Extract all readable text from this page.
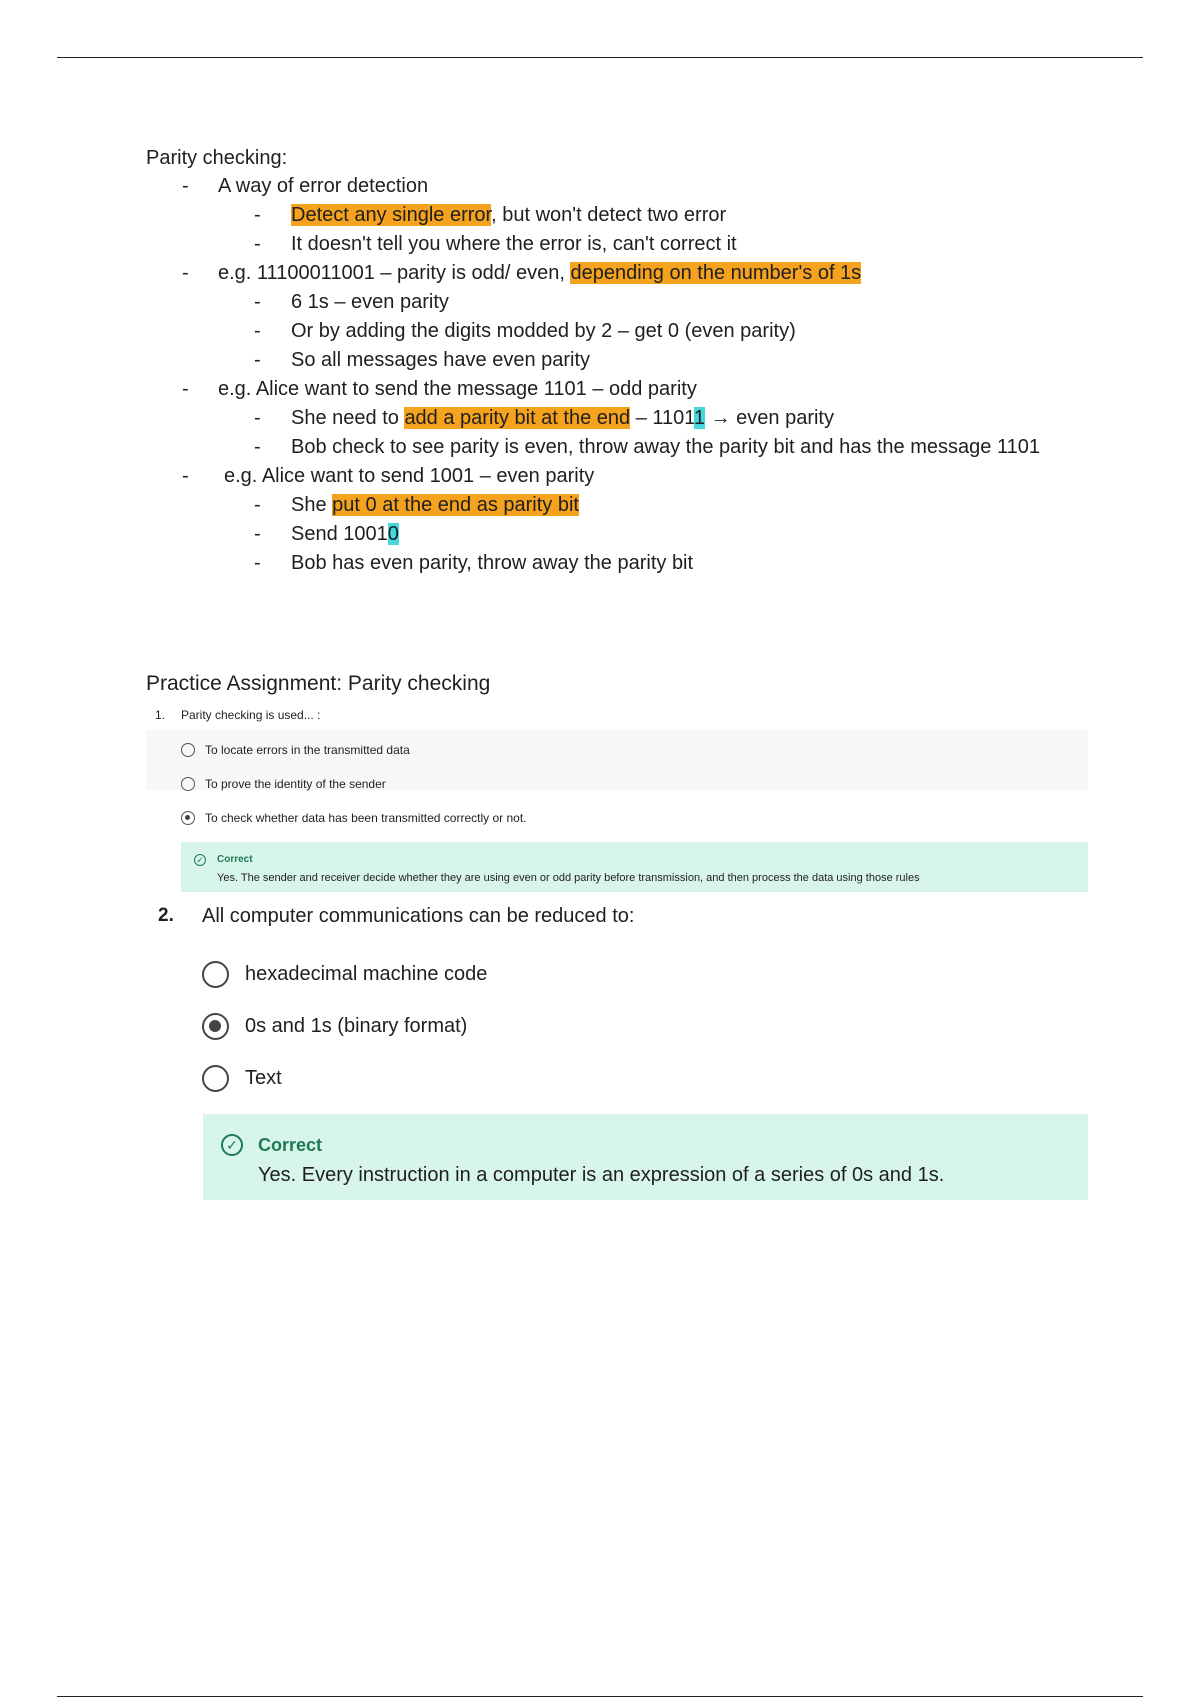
Parity checking:
- A way of error detection
- Detect any single error, but won't detect two error
- It doesn't tell you where the error is, can't correct it
- e.g. 11100011001 – parity is odd/ even, depending on the number's of 1s
- 6 1s – even parity
- Or by adding the digits modded by 2 – get 0 (even parity)
- So all messages have even parity
- e.g. Alice want to send the message 1101 – odd parity
- She need to add a parity bit at the end – 11011 → even parity
- Bob check to see parity is even, throw away the parity bit and has the message 1101
- e.g. Alice want to send 1001 – even parity
- She put 0 at the end as parity bit
- Send 10010
- Bob has even parity, throw away the parity bit
Practice Assignment: Parity checking
1. Parity checking is used... :
To locate errors in the transmitted data
To prove the identity of the sender
To check whether data has been transmitted correctly or not.
✓ Correct
Yes. The sender and receiver decide whether they are using even or odd parity before transmission, and then process the data using those rules
2. All computer communications can be reduced to:
hexadecimal machine code
0s and 1s (binary format)
Text
✓ Correct
Yes. Every instruction in a computer is an expression of a series of 0s and 1s.
